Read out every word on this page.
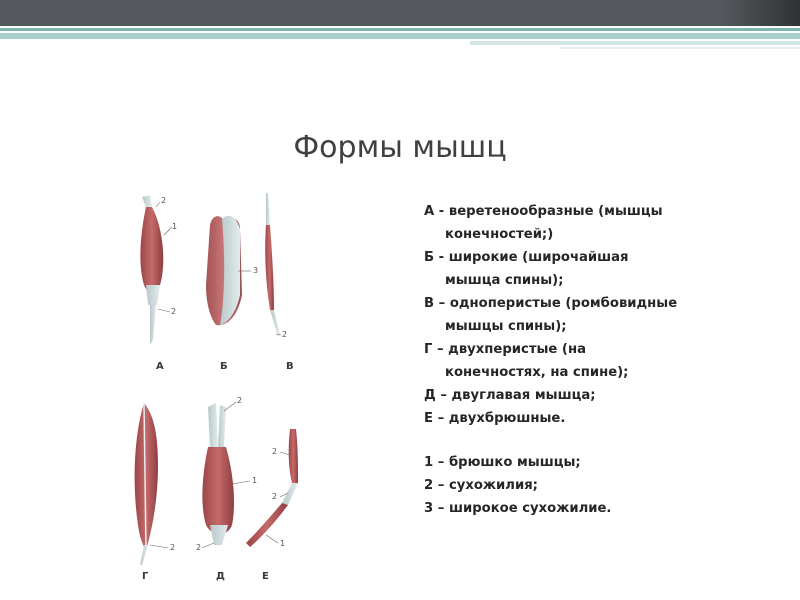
Формы мышц
А	Б	В
Г	Д	Е
2
1
2
3
2
2
2
1
2
2
2
1

А - веретенообразные (мышцы
конечностей;)

Б - широкие (широчайшая
мышца спины);

В – одноперистые (ромбовидные
мышцы спины);

Г – двухперистые (на
конечностях, на спине);

Д – двуглавая мышца;

Е – двухбрюшные.

1 – брюшко мышцы;

2 – сухожилия;

3 – широкое сухожилие.
